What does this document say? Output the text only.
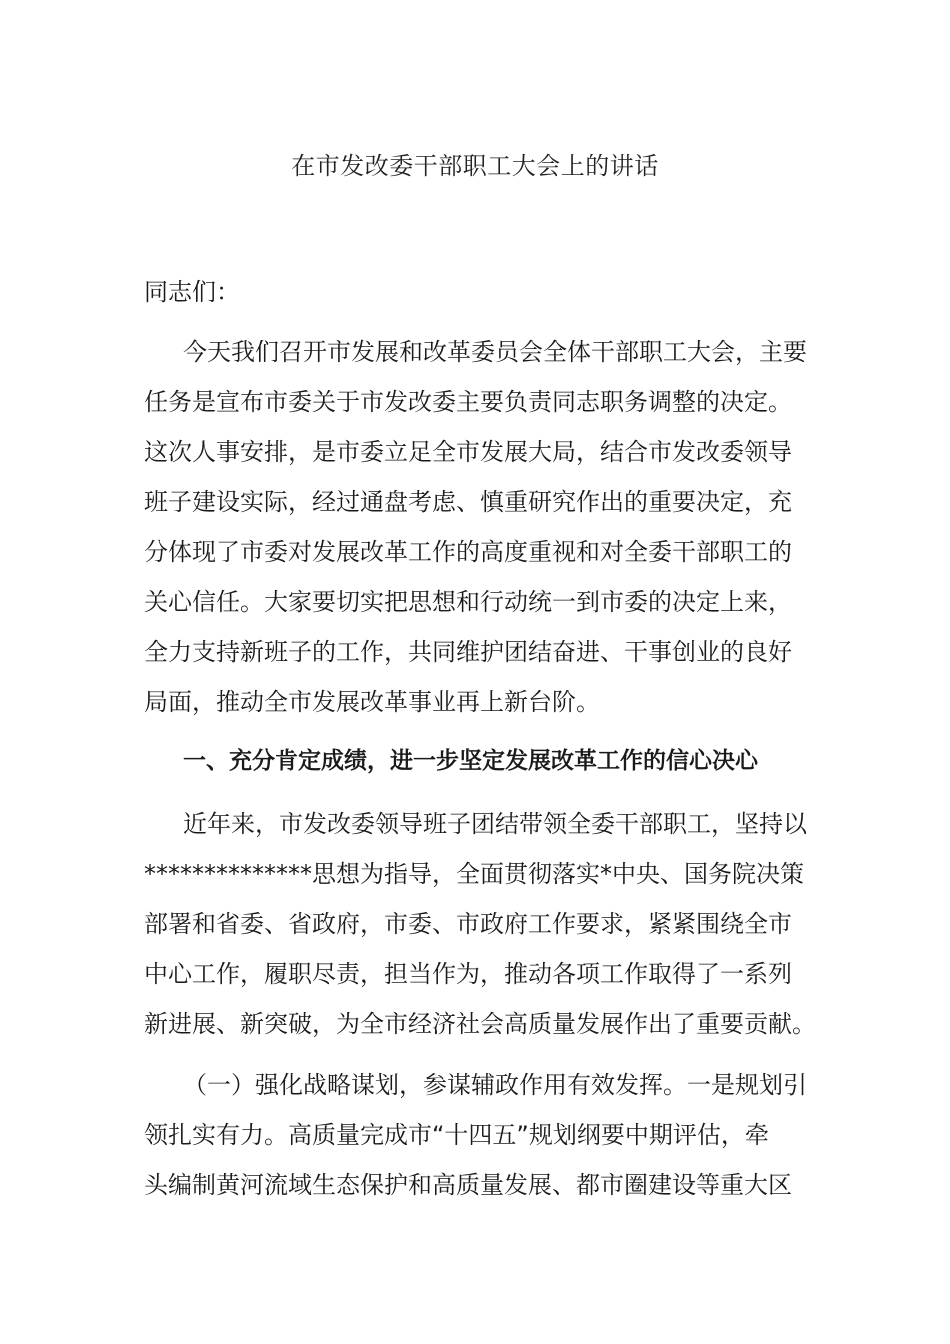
在市发改委干部职工大会上的讲话
同志们：
今天我们召开市发展和改革委员会全体干部职工大会，主要
任务是宣布市委关于市发改委主要负责同志职务调整的决定。
这次人事安排，是市委立足全市发展大局，结合市发改委领导
班子建设实际，经过通盘考虑、慎重研究作出的重要决定，充
分体现了市委对发展改革工作的高度重视和对全委干部职工的
关心信任。大家要切实把思想和行动统一到市委的决定上来，
全力支持新班子的工作，共同维护团结奋进、干事创业的良好
局面，推动全市发展改革事业再上新台阶。
一、充分肯定成绩，进一步坚定发展改革工作的信心决心
近年来，市发改委领导班子团结带领全委干部职工，坚持以
**************思想为指导，全面贯彻落实*中央、国务院决策
部署和省委、省政府，市委、市政府工作要求，紧紧围绕全市
中心工作，履职尽责，担当作为，推动各项工作取得了一系列
新进展、新突破，为全市经济社会高质量发展作出了重要贡献。
（一）强化战略谋划，参谋辅政作用有效发挥。一是规划引
领扎实有力。高质量完成市“十四五”规划纲要中期评估，牵
头编制黄河流域生态保护和高质量发展、都市圈建设等重大区
